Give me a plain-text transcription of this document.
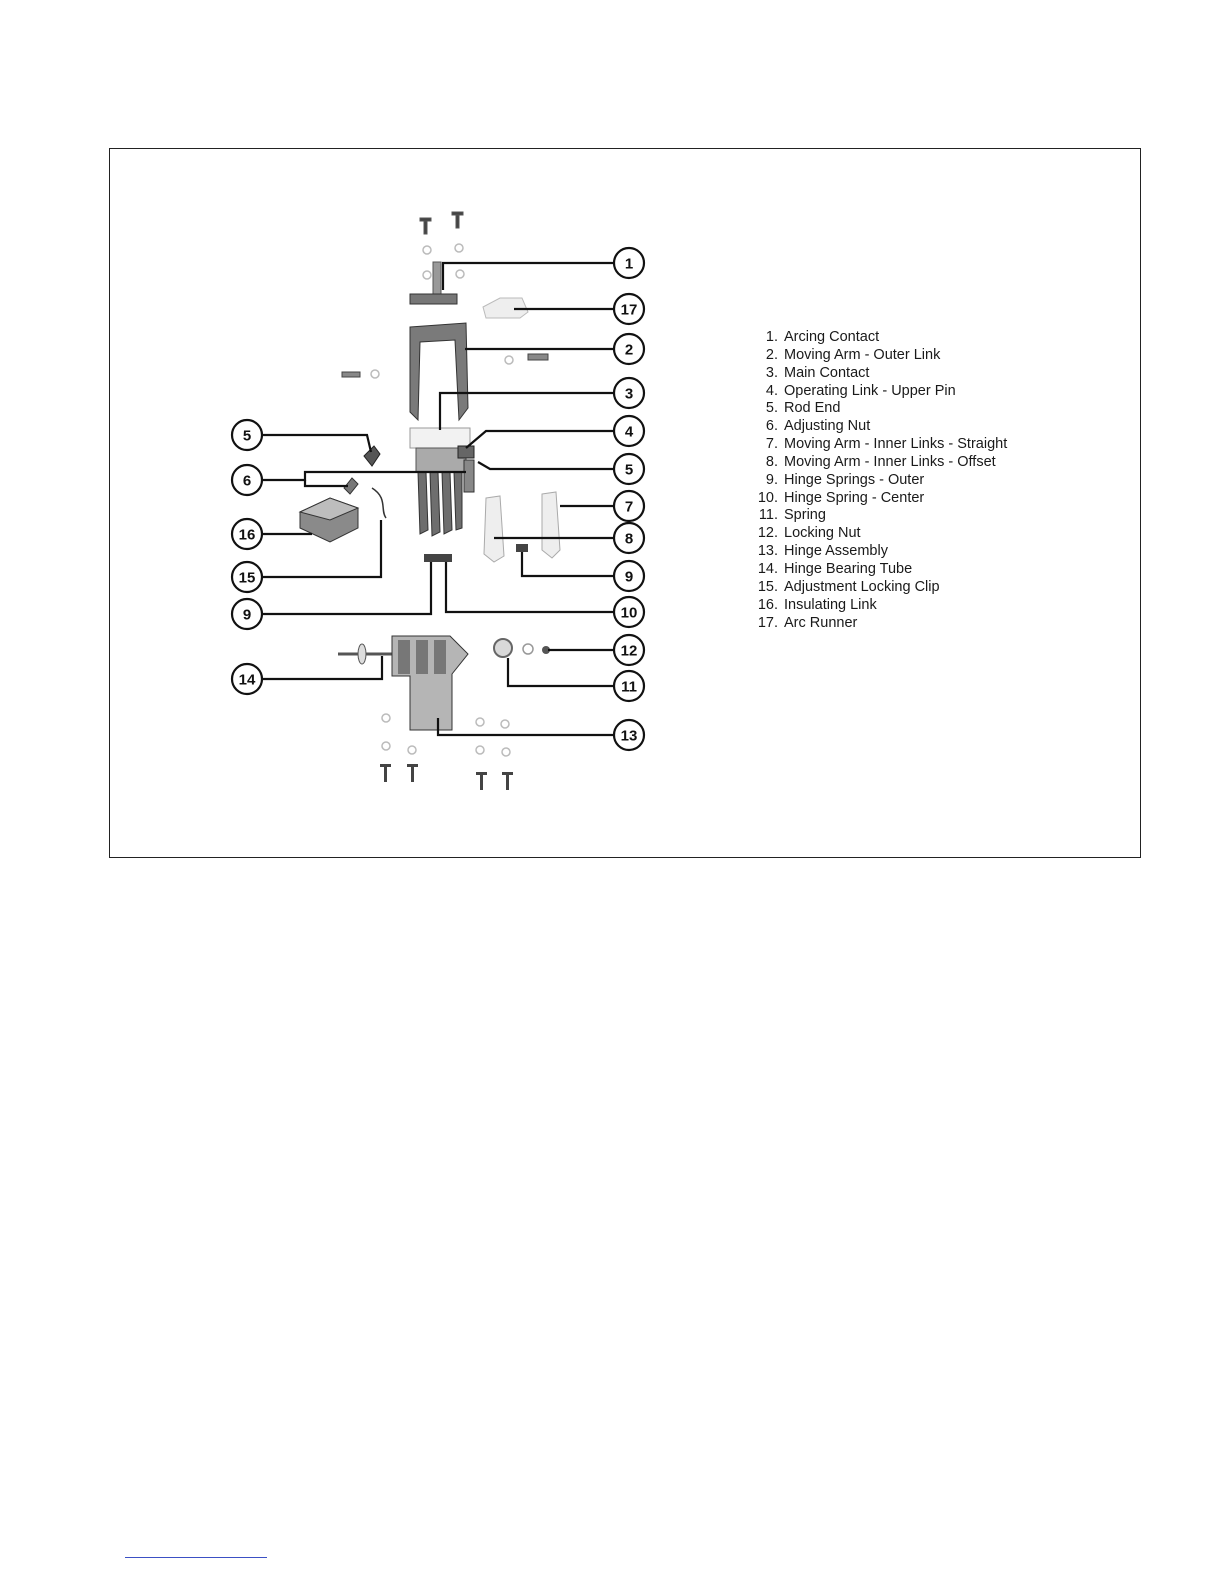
1
17
2
3
4
5
5
6
7
8
9
9	10
16
15
14
12
11
13
1. Arcing Contact
2. Moving Arm - Outer Link
3. Main Contact
4. Operating Link - Upper Pin
5. Rod End
6. Adjusting Nut
7. Moving Arm - Inner Links - Straight
8. Moving Arm - Inner Links - Offset
9. Hinge Springs - Outer
10. Hinge Spring - Center
11. Spring
12. Locking Nut
13. Hinge Assembly
14. Hinge Bearing Tube
15. Adjustment Locking Clip
16. Insulating Link
17. Arc Runner
